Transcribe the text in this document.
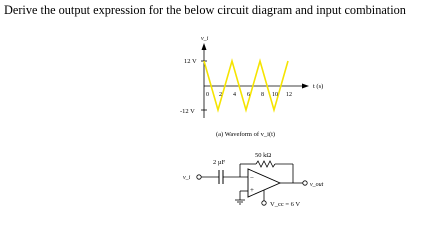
Derive the output expression for the below circuit diagram and input combination
v_i
t (s)
12 V
-12 V
0 2 4 6 8 10 12
(a) Waveform of v_i(t)
v_i
2 µF
50 kΩ
−
+
v_out
V_cc = 6 V
